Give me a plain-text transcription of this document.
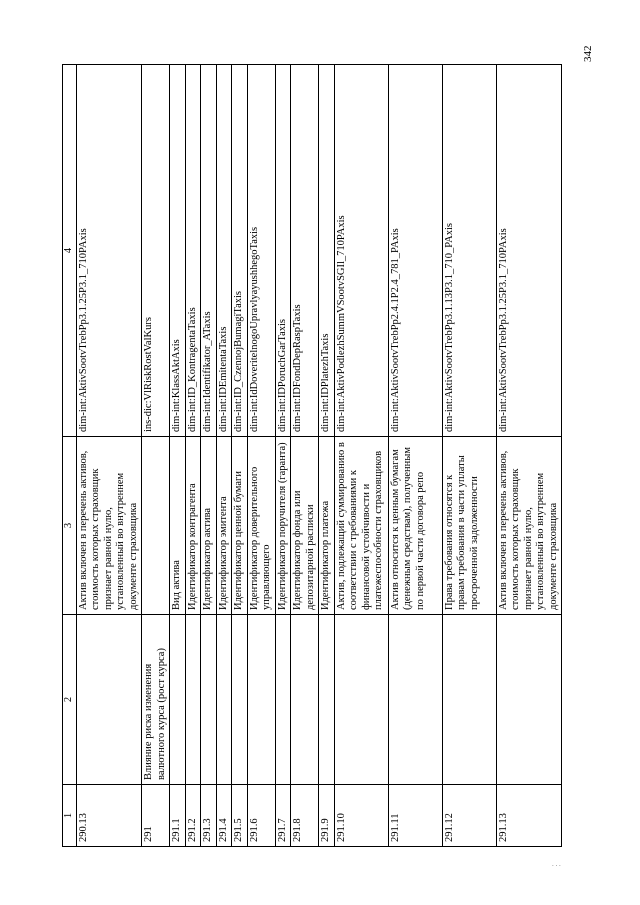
1	2	3	4
290.13		Актив включен в перечень активов, стоимость которых страховщик признает равной нулю, установленный во внутреннем документе страховщика	dim-int:AktivSootvTrebPp3.1.25P3.1_710PAxis
291	Влияние риска изменения валютного курса (рост курса)		ins-dic:VlRiskRostValKurs
291.1		Вид актива	dim-int:KlassAktAxis
291.2		Идентификатор контрагента	dim-int:ID_KontragentaTaxis
291.3		Идентификатор актива	dim-int:Identifikator_ATaxis
291.4		Идентификатор эмитента	dim-int:IDEmitentaTaxis
291.5		Идентификатор ценной бумаги	dim-int:ID_CzennojBumagiTaxis
291.6		Идентификатор доверительного управляющего	dim-int:IdDoveritelnogoUpravlyayushhegoTaxis
291.7		Идентификатор поручителя (гаранта)	dim-int:IDPoruchGarTaxis
291.8		Идентификатор фонда или депозитарной расписки	dim-int:IDFondDepRaspTaxis
291.9		Идентификатор платежа	dim-int:IDPlatezhTaxis
291.10		Актив, подлежащий суммированию в соответствии с требованиями к финансовой устойчивости и платежеспособности страховщиков	dim-int:AktivPodlezhSummVSootvSGIl_710PAxis
291.11		Актив относится к ценным бумагам (денежным средствам), полученным по первой части договора репо	dim-int:AktivSootvTrebPp2.4.1P2.4_781_PAxis
291.12		Права требования относятся к правам требования в части уплаты просроченной задолженности	dim-int:AktivSootvTrebPp3.1.13P3.1_710_PAxis
291.13		Актив включен в перечень активов, стоимость которых страховщик признает равной нулю, установленный во внутреннем документе страховщика	dim-int:AktivSootvTrebPp3.1.25P3.1_710PAxis
342
. . .
